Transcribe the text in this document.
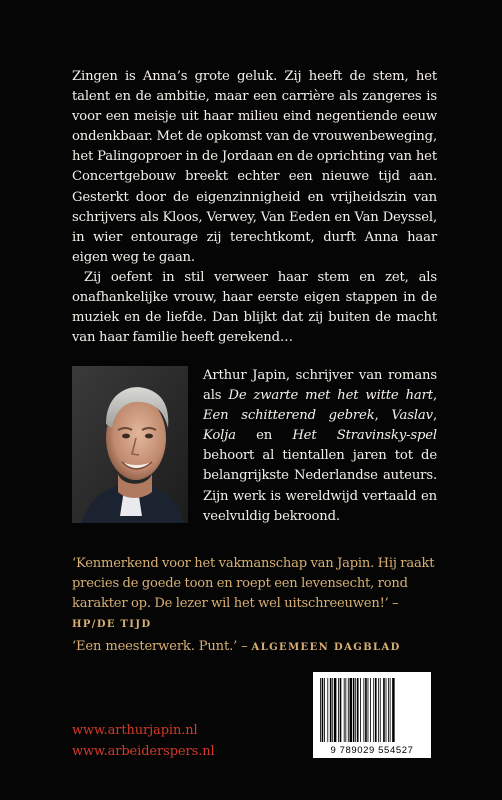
Zingen is Anna’s grote geluk. Zij heeft de stem, het talent en de ambitie, maar een carrière als zangeres is voor een meisje uit haar milieu eind negentiende eeuw ondenkbaar. Met de opkomst van de vrouwenbeweging, het Palingoproer in de Jordaan en de oprichting van het Concertgebouw breekt echter een nieuwe tijd aan. Gesterkt door de eigenzinnigheid en vrijheidszin van schrijvers als Kloos, Verwey, Van Eeden en Van Deyssel, in wier entourage zij terechtkomt, durft Anna haar eigen weg te gaan.

Zij oefent in stil verweer haar stem en zet, als onafhankelijke vrouw, haar eerste eigen stappen in de muziek en de liefde. Dan blijkt dat zij buiten de macht van haar familie heeft gerekend…

Arthur Japin, schrijver van romans als De zwarte met het witte hart, Een schitterend gebrek, Vaslav, Kolja en Het Stravinsky-spel behoort al tientallen jaren tot de belangrijkste Nederlandse auteurs. Zijn werk is wereldwijd vertaald en veelvuldig bekroond.
‘Kenmerkend voor het vakmanschap van Japin. Hij raakt precies de goede toon en roept een levensecht, rond karakter op. De lezer wil het wel uitschreeuwen!’ – HP/DE TIJD
‘Een meesterwerk. Punt.’ – ALGEMEEN DAGBLAD
www.arthurjapin.nl
www.arbeiderspers.nl	9 789029 554527
